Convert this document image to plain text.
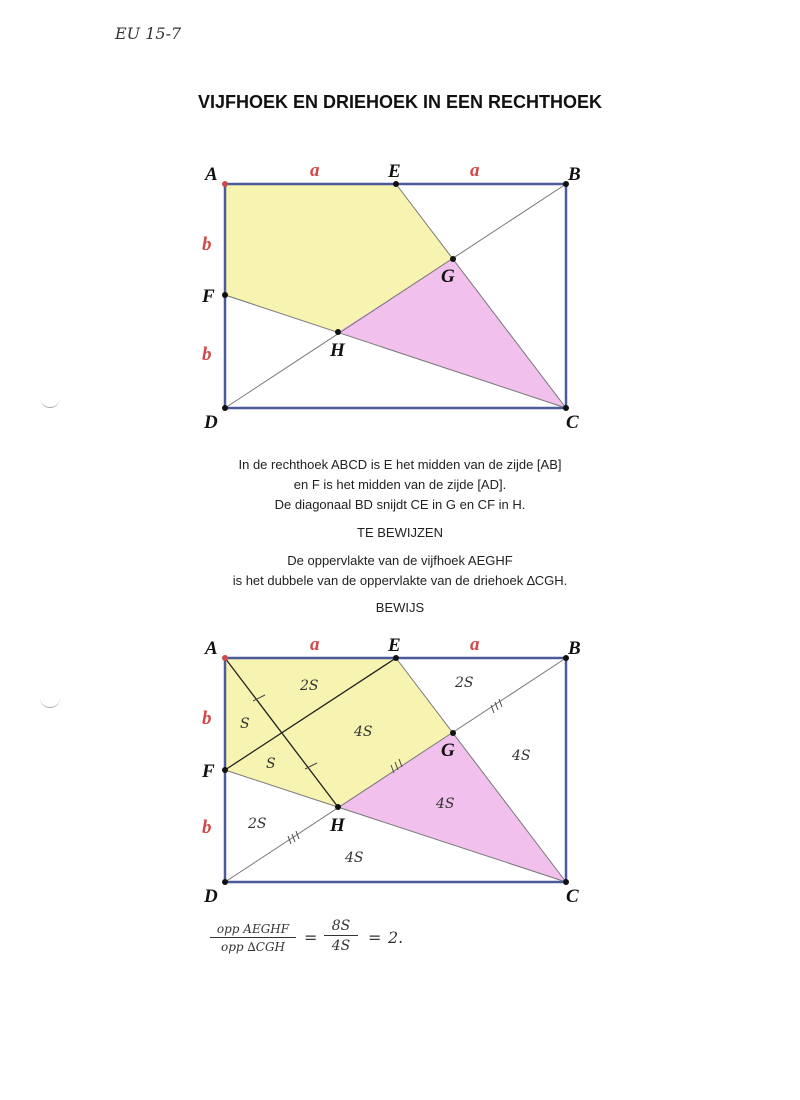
EU 15-7
VIJFHOEK EN DRIEHOEK IN EEN RECHTHOEK
A	E	B
F
G
H
D	C
a	a
b
b
In de rechthoek ABCD is E het midden van de zijde [AB]
en F is het midden van de zijde [AD].
De diagonaal BD snijdt CE in G en CF in H.
TE BEWIJZEN
De oppervlakte van de vijfhoek AEGHF
is het dubbele van de oppervlakte van de driehoek ∆CGH.
BEWIJS
A	E	B
F
G
H
D	C
a	a
b
b
2S
S
S
4S
2S
4S
4S
2S
4S
opp AEGHF
opp ∆CGH	= $\frac{8S}{4S} = 2$.
